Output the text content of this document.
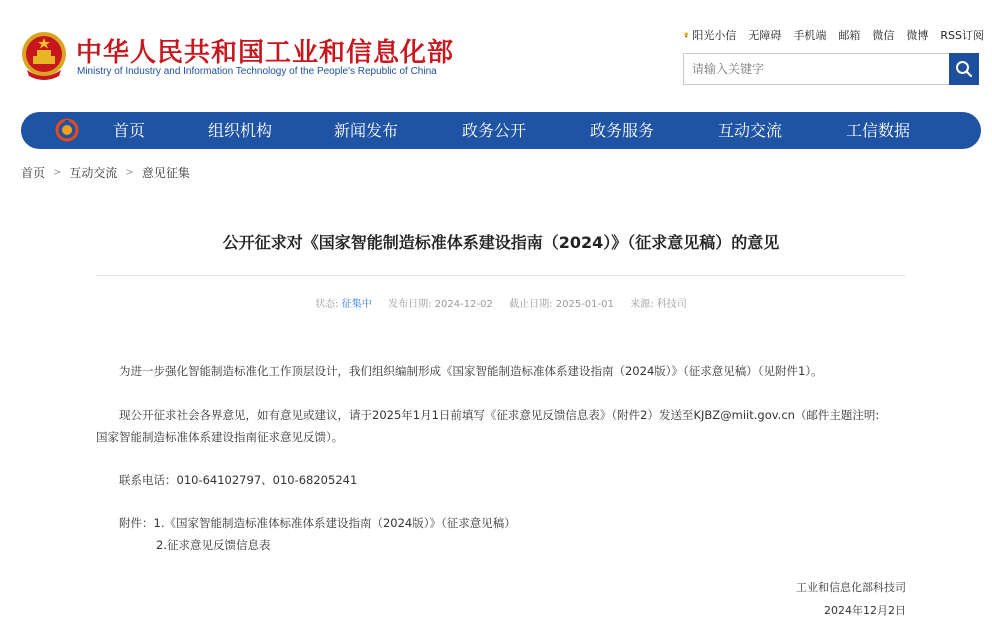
中华人民共和国工业和信息化部
Ministry of Industry and Information Technology of the People's Republic of China
阳光小信 无障碍 手机端 邮箱 微信 微博 RSS订阅
请输入关键字
首页	组织机构	新闻发布	政务公开	政务服务	互动交流	工信数据
首页 > 互动交流 > 意见征集
公开征求对《国家智能制造标准体系建设指南（2024）》（征求意见稿）的意见
状态: 征集中 发布日期: 2024-12-02 截止日期: 2025-01-01 来源: 科技司
为进一步强化智能制造标准化工作顶层设计，我们组织编制形成《国家智能制造标准体系建设指南（2024版）》（征求意见稿）（见附件1）。
现公开征求社会各界意见，如有意见或建议，请于2025年1月1日前填写《征求意见反馈信息表》（附件2）发送至KJBZ@miit.gov.cn（邮件主题注明:
国家智能制造标准体系建设指南征求意见反馈）。
联系电话：010-64102797、010-68205241
附件：1.《国家智能制造标准体标准体系建设指南（2024版）》（征求意见稿）
2.征求意见反馈信息表
工业和信息化部科技司
2024年12月2日
